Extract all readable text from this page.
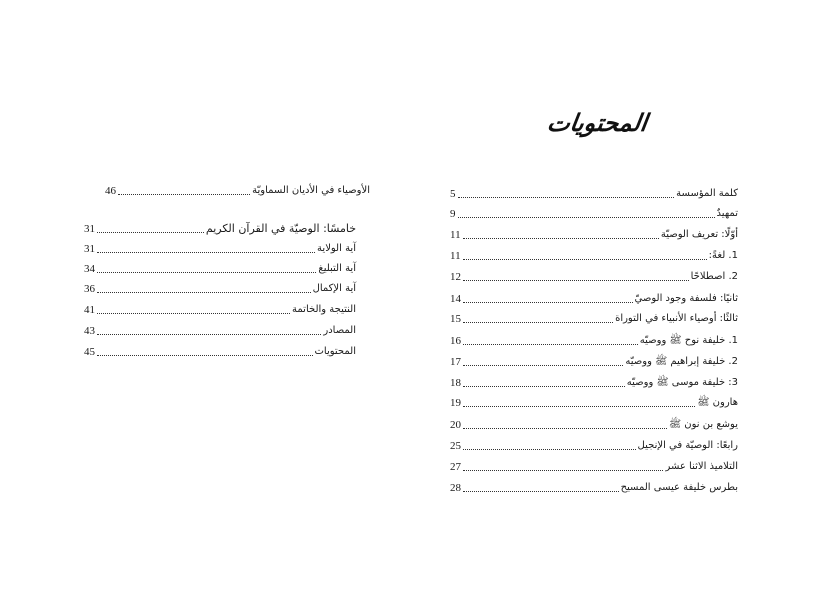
46	الأوصياء في الأديان السماويّة
31	خامسًا: الوصيّة في القرآن الكريم
31	آية الولاية
34	آية التبليغ
36	آية الإكمال
41	النتيجة والخاتمة
43	المصادر
45	المحتويات
المحتويات
5	كلمة المؤسسة
9	تمهيدٌ
11	أوّلًا: تعريف الوصيّة
11	1. لغةً:
12	2. اصطلاحًا
14	ثانيًا: فلسفة وجود الوصيّ
15	ثالثًا: أوصياء الأنبياء في التوراة
16	1. خليفة نوح ﷺ ووصيّه
17	2. خليفة إبراهيم ﷺ ووصيّه
18	3: خليفة موسى ﷺ ووصيّه
19	هارون ﷺ
20	يوشع بن نون ﷺ
25	رابعًا: الوصيّة في الإنجيل
27	التلاميذ الاثنا عشر
28	بطرس خليفة عيسى المسيح
